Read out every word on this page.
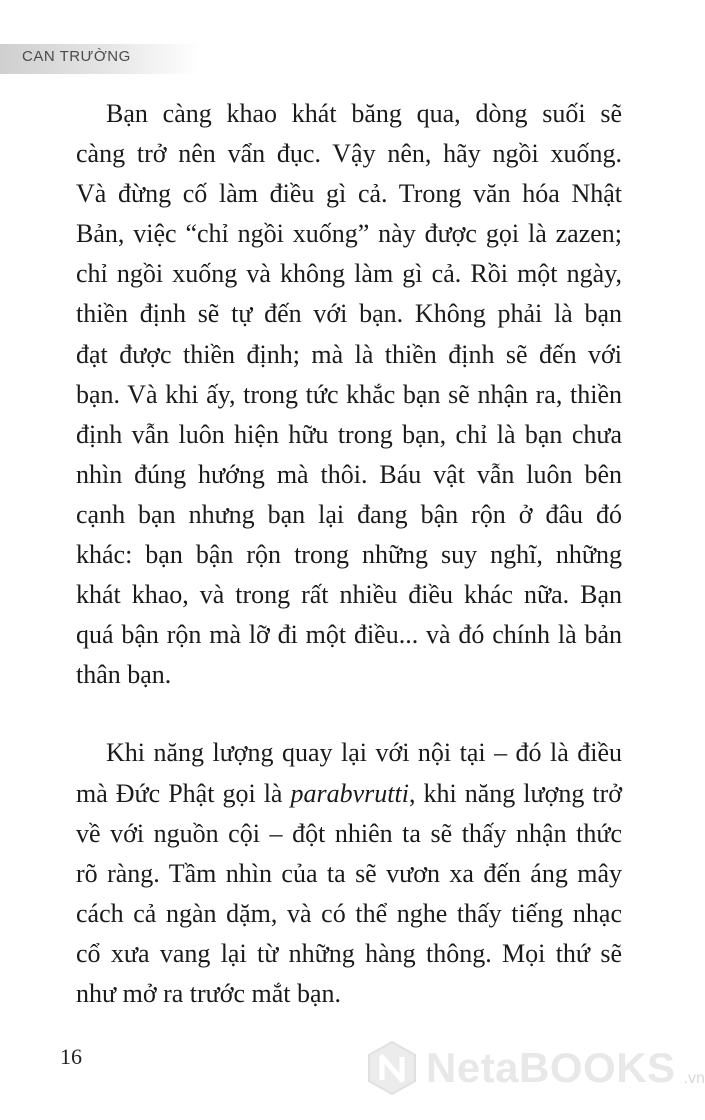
CAN TRƯỜNG

Bạn càng khao khát băng qua, dòng suối sẽ
càng trở nên vẩn đục. Vậy nên, hãy ngồi xuống.
Và đừng cố làm điều gì cả. Trong văn hóa Nhật
Bản, việc “chỉ ngồi xuống” này được gọi là zazen;
chỉ ngồi xuống và không làm gì cả. Rồi một ngày,
thiền định sẽ tự đến với bạn. Không phải là bạn
đạt được thiền định; mà là thiền định sẽ đến với
bạn. Và khi ấy, trong tức khắc bạn sẽ nhận ra, thiền
định vẫn luôn hiện hữu trong bạn, chỉ là bạn chưa
nhìn đúng hướng mà thôi. Báu vật vẫn luôn bên
cạnh bạn nhưng bạn lại đang bận rộn ở đâu đó
khác: bạn bận rộn trong những suy nghĩ, những
khát khao, và trong rất nhiều điều khác nữa. Bạn
quá bận rộn mà lỡ đi một điều... và đó chính là bản
thân bạn.

Khi năng lượng quay lại với nội tại – đó là điều
mà Đức Phật gọi là parabvrutti, khi năng lượng trở
về với nguồn cội – đột nhiên ta sẽ thấy nhận thức
rõ ràng. Tầm nhìn của ta sẽ vươn xa đến áng mây
cách cả ngàn dặm, và có thể nghe thấy tiếng nhạc
cổ xưa vang lại từ những hàng thông. Mọi thứ sẽ
như mở ra trước mắt bạn.

16	NetaBOOKS .vn
